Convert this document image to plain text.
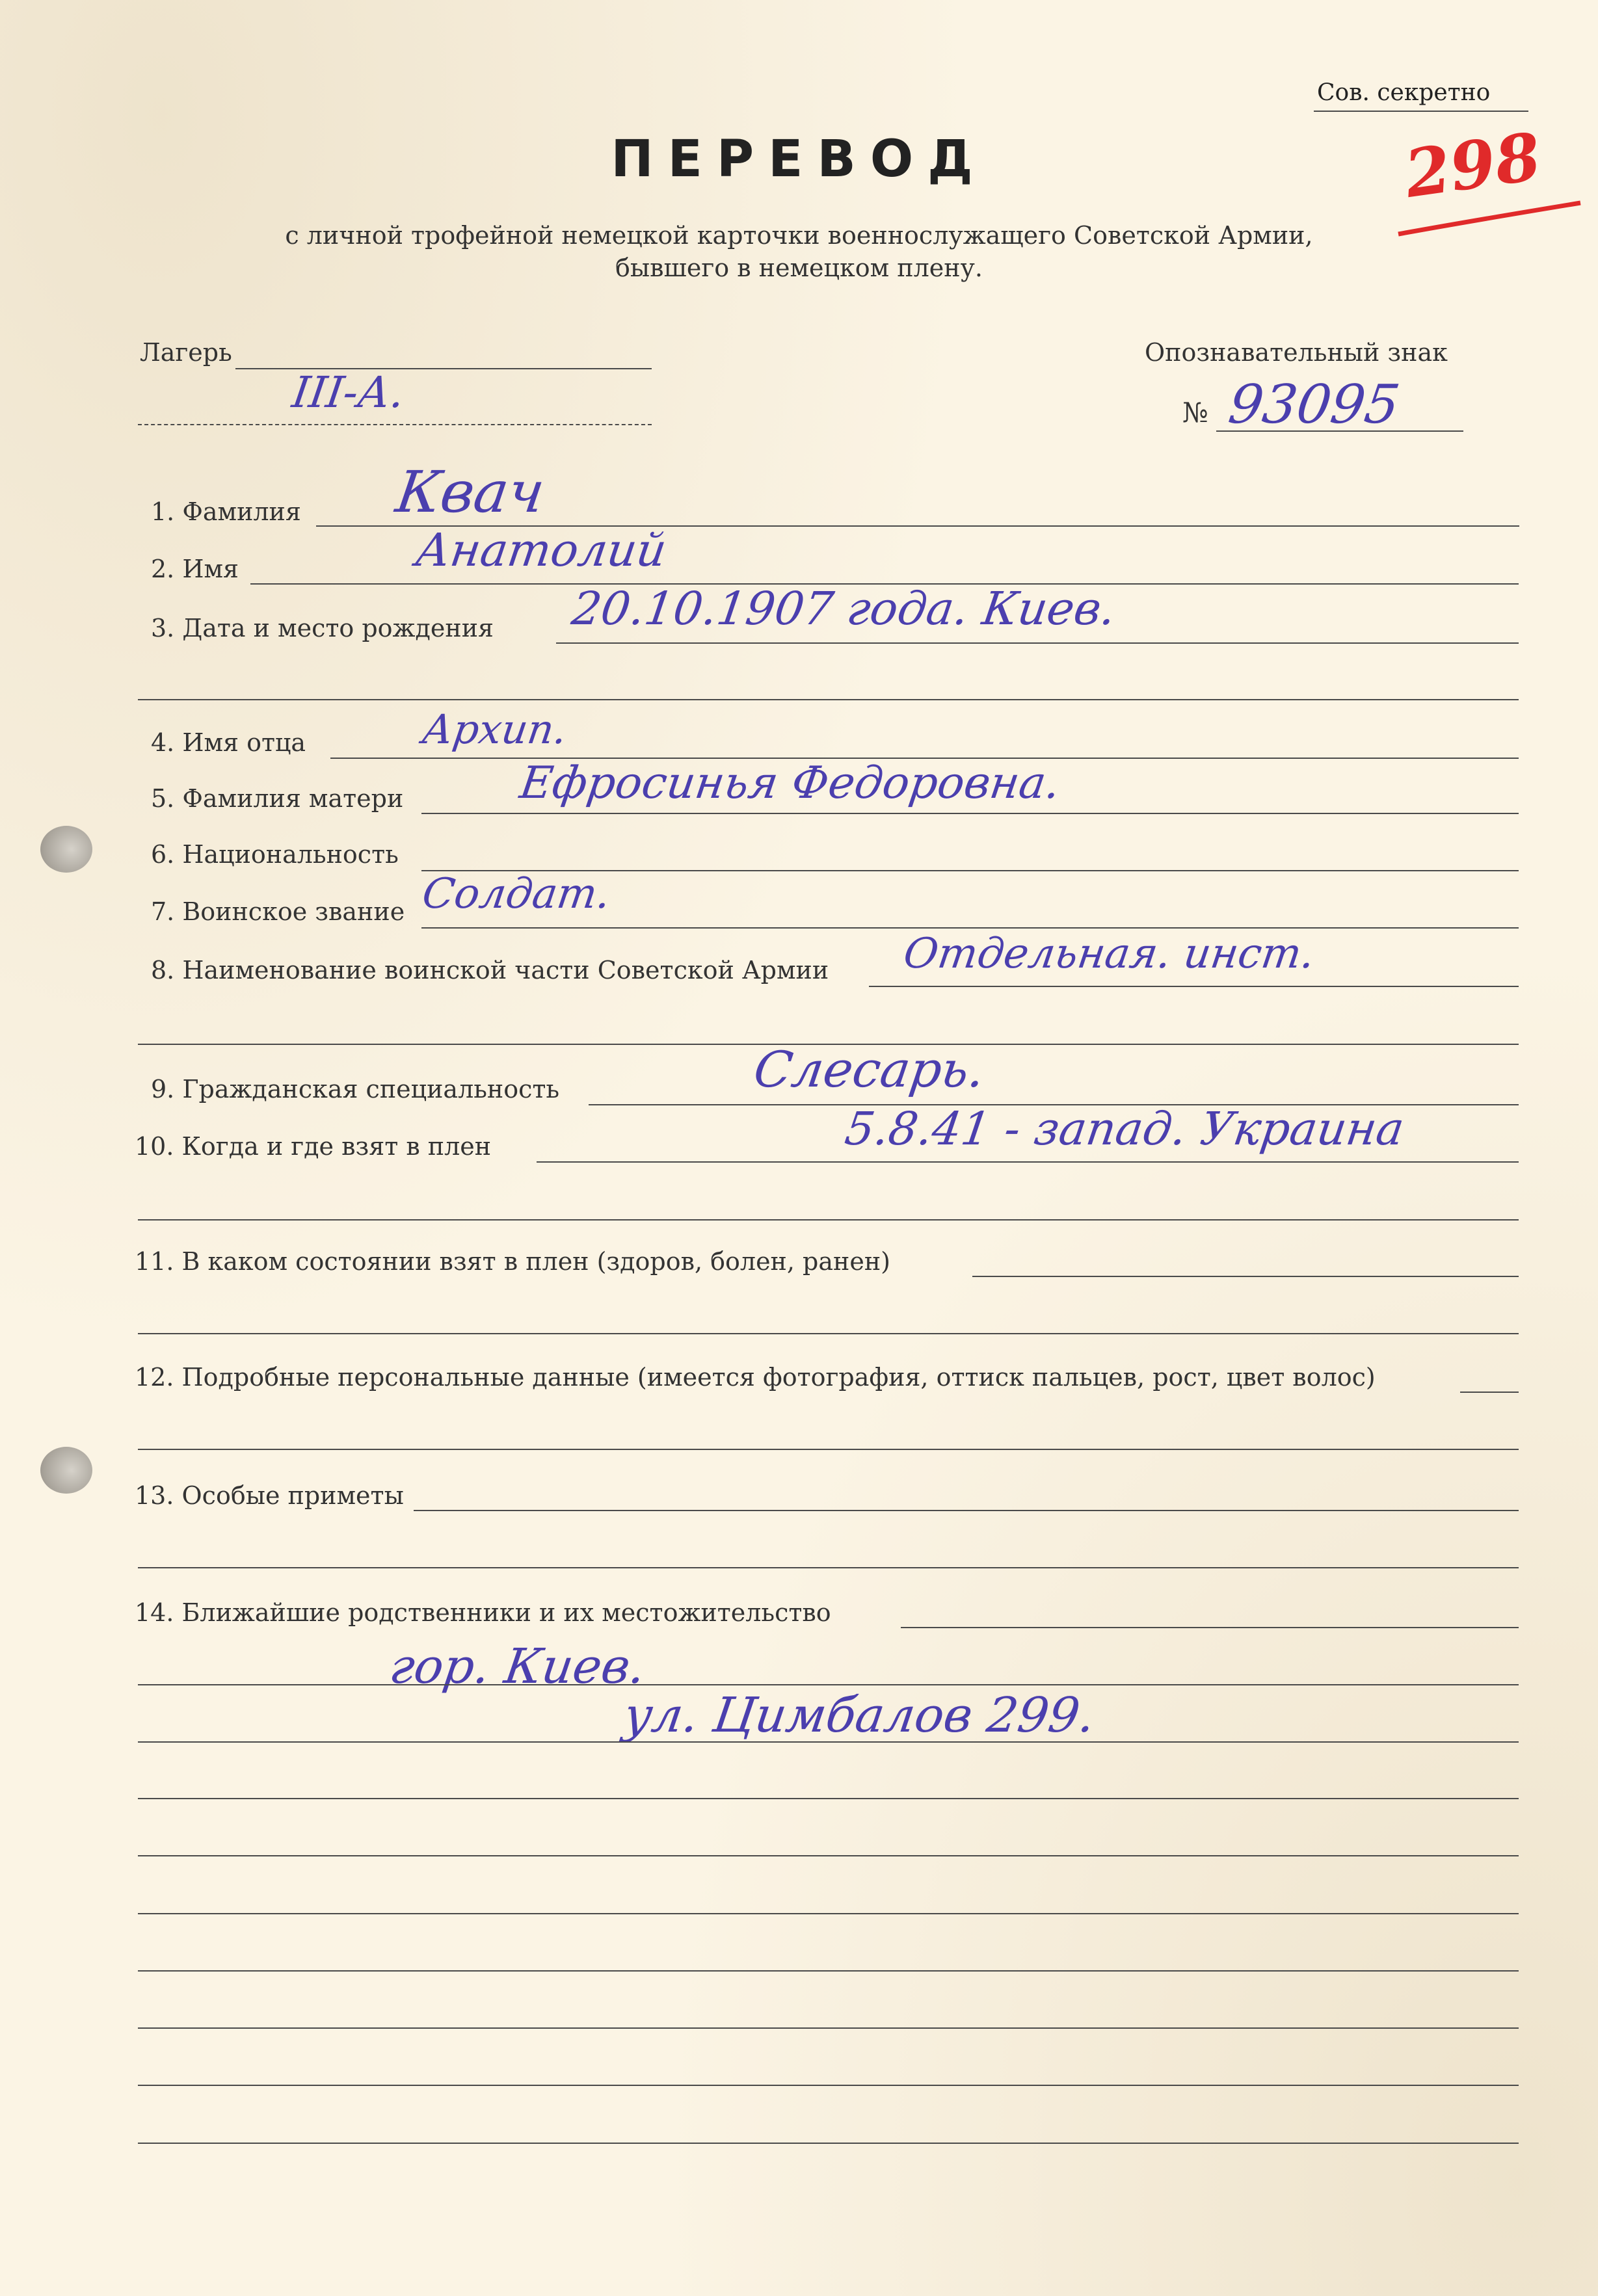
Сов. секретно
298
ПЕРЕВОД
с личной трофейной немецкой карточки военнослужащего Советской Армии,
бывшего в немецком плену.
Лагерь
III-А.
Опознавательный знак
№ 93095
1. Фамилия Квач
2. Имя	Анатолий
3. Дата и место рождения 20.10.1907 года. Киев.
4. Имя отца	Архип.
5. Фамилия матери	Ефросинья Федоровна.
6. Национальность
7. Воинское звание Солдат.
8. Наименование воинской части Советской Армии Отдельная. инст.
9. Гражданская специальность	Слесарь.
10. Когда и где взят в плен	5.8.41 - запад. Украина
11. В каком состоянии взят в плен (здоров, болен, ранен)
12. Подробные персональные данные (имеется фотография, оттиск пальцев, рост, цвет волос)
13. Особые приметы
14. Ближайшие родственники и их местожительство
гор. Киев.
ул. Цимбалов 299.
